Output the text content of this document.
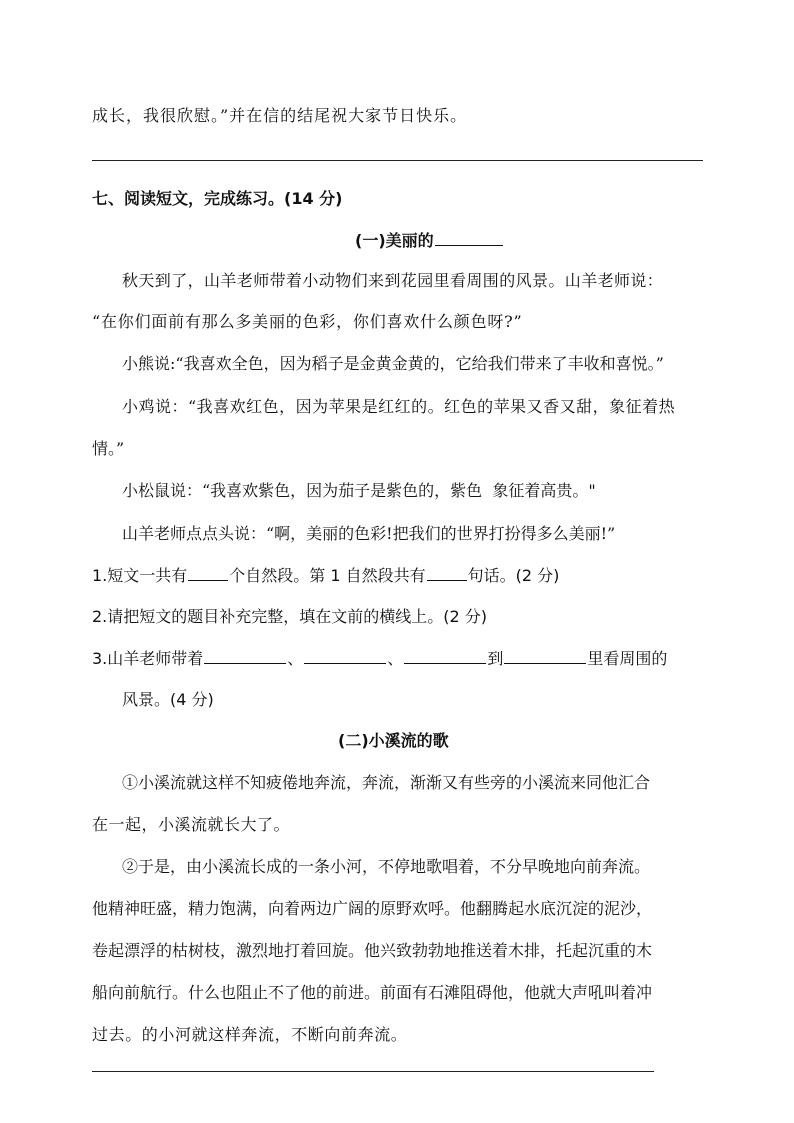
成长，我很欣慰。”并在信的结尾祝大家节日快乐。
七、阅读短文，完成练习。(14 分)
(一)美丽的
秋天到了，山羊老师带着小动物们来到花园里看周围的风景。山羊老师说：
“在你们面前有那么多美丽的色彩，你们喜欢什么颜色呀?”
小熊说:“我喜欢全色，因为稻子是金黄金黄的，它给我们带来了丰收和喜悦。”
小鸡说：“我喜欢红色，因为苹果是红红的。红色的苹果又香又甜，象征着热
情。”
小松鼠说：“我喜欢紫色，因为茄子是紫色的，紫色  象征着高贵。"
山羊老师点点头说：“啊，美丽的色彩!把我们的世界打扮得多么美丽!”
1.短文一共有	个自然段。第 1 自然段共有	句话。(2 分)
2.请把短文的题目补充完整，填在文前的横线上。(2 分)
3.山羊老师带着	、	、	到	里看周围的
风景。(4 分)
(二)小溪流的歌
①小溪流就这样不知疲倦地奔流，奔流，渐渐又有些旁的小溪流来同他汇合
在一起，小溪流就长大了。
②于是，由小溪流长成的一条小河，不停地歌唱着，不分早晚地向前奔流。
他精神旺盛，精力饱满，向着两边广阔的原野欢呼。他翻腾起水底沉淀的泥沙，
卷起漂浮的枯树枝，激烈地打着回旋。他兴致勃勃地推送着木排，托起沉重的木
船向前航行。什么也阻止不了他的前进。前面有石滩阻碍他，他就大声吼叫着冲
过去。的小河就这样奔流，不断向前奔流。
